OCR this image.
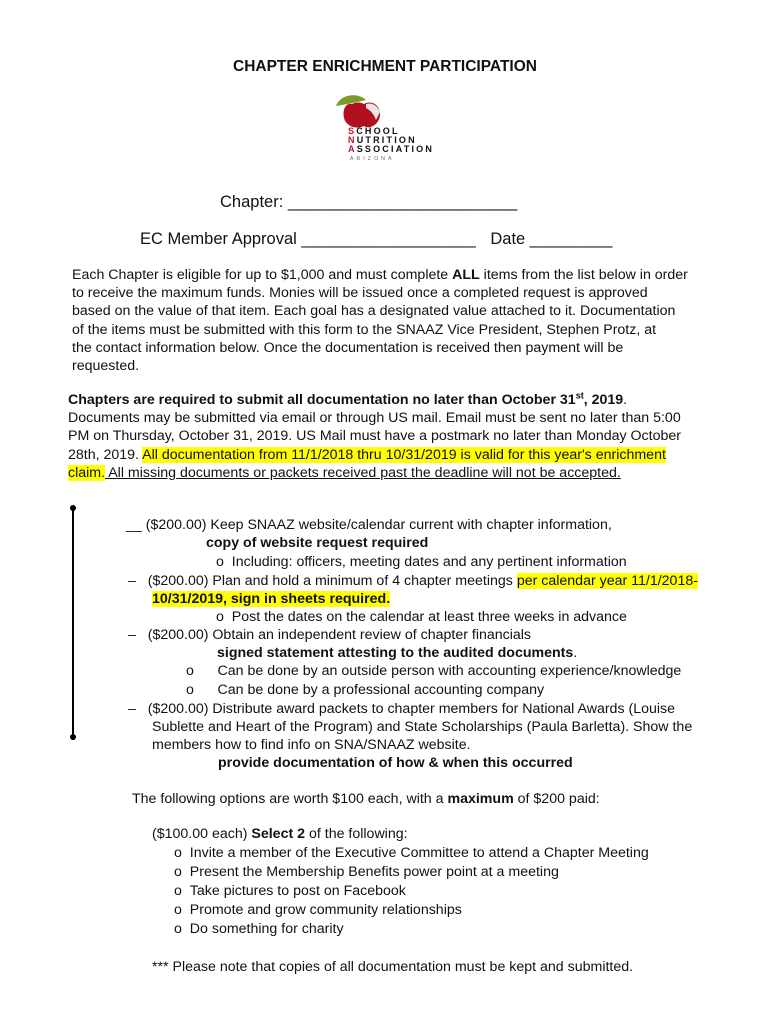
CHAPTER ENRICHMENT PARTICIPATION
SCHOOL
NUTRITION
ASSOCIATION
ARIZONA
Chapter: _________________________
EC Member Approval ___________________ Date _________
Each Chapter is eligible for up to $1,000 and must complete ALL items from the list below in order
to receive the maximum funds. Monies will be issued once a completed request is approved
based on the value of that item. Each goal has a designated value attached to it. Documentation
of the items must be submitted with this form to the SNAAZ Vice President, Stephen Protz, at
the contact information below. Once the documentation is received then payment will be
requested.
Chapters are required to submit all documentation no later than October 31st, 2019.
Documents may be submitted via email or through US mail. Email must be sent no later than 5:00
PM on Thursday, October 31, 2019. US Mail must have a postmark no later than Monday October
28th, 2019. All documentation from 11/1/2018 thru 10/31/2019 is valid for this year's enrichment
claim. All missing documents or packets received past the deadline will not be accepted.
__ ($200.00) Keep SNAAZ website/calendar current with chapter information,
copy of website request required
o  Including: officers, meeting dates and any pertinent information
–   ($200.00) Plan and hold a minimum of 4 chapter meetings per calendar year 11/1/2018-
10/31/2019, sign in sheets required.
o  Post the dates on the calendar at least three weeks in advance
–   ($200.00) Obtain an independent review of chapter financials
signed statement attesting to the audited documents.
o      Can be done by an outside person with accounting experience/knowledge
o      Can be done by a professional accounting company
–   ($200.00) Distribute award packets to chapter members for National Awards (Louise
Sublette and Heart of the Program) and State Scholarships (Paula Barletta). Show the
members how to find info on SNA/SNAAZ website.
provide documentation of how & when this occurred
The following options are worth $100 each, with a maximum of $200 paid:
($100.00 each) Select 2 of the following:
o  Invite a member of the Executive Committee to attend a Chapter Meeting
o  Present the Membership Benefits power point at a meeting
o  Take pictures to post on Facebook
o  Promote and grow community relationships
o  Do something for charity
*** Please note that copies of all documentation must be kept and submitted.
